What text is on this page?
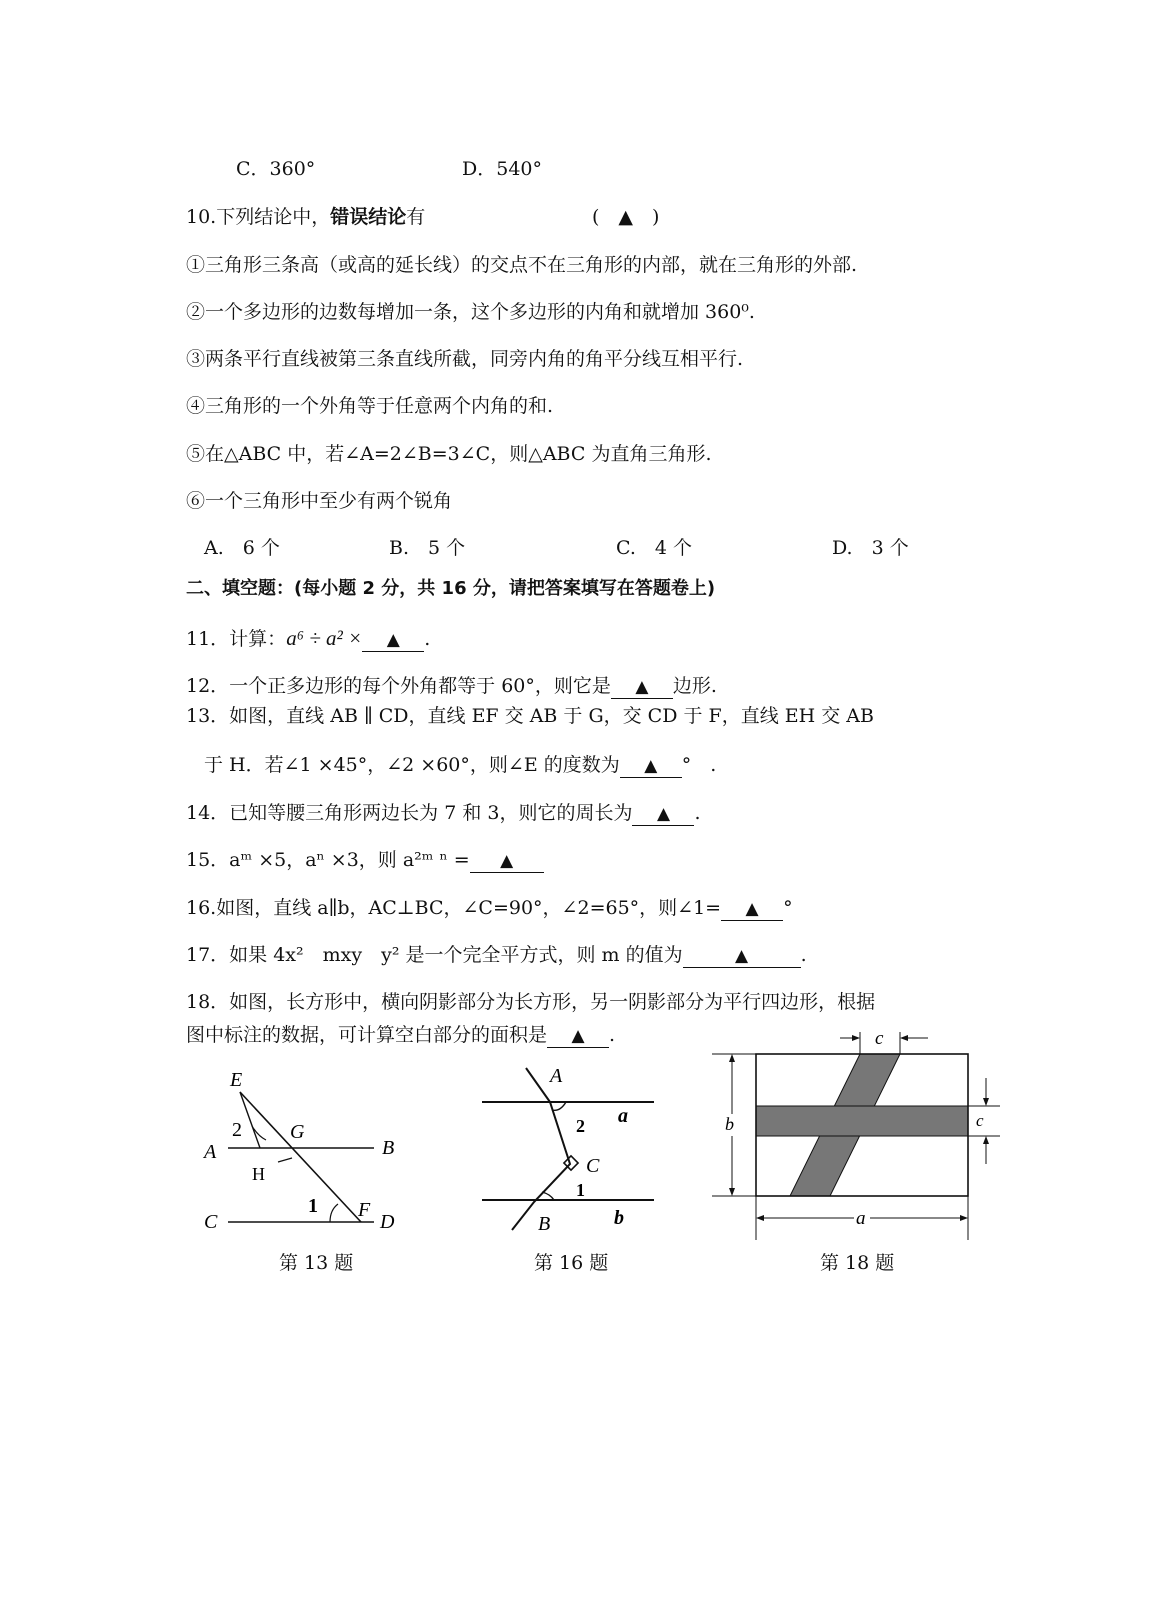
C．360°	D．540°
10.下列结论中，错误结论有	(　▲　)
①三角形三条高（或高的延长线）的交点不在三角形的内部，就在三角形的外部.
②一个多边形的边数每增加一条，这个多边形的内角和就增加 360⁰.
③两条平行直线被第三条直线所截，同旁内角的角平分线互相平行.
④三角形的一个外角等于任意两个内角的和.
⑤在△ABC 中，若∠A=2∠B=3∠C，则△ABC 为直角三角形.
⑥一个三角形中至少有两个锐角
A.　6 个	B.　5 个	C.　4 个	D.　3 个
二、填空题：(每小题 2 分，共 16 分，请把答案填写在答题卷上)
11．计算：a⁶ ÷ a² × ▲ .
12．一个正多边形的每个外角都等于 60°，则它是 ▲ 边形.
13．如图，直线 AB ∥ CD，直线 EF 交 AB 于 G，交 CD 于 F，直线 EH 交 AB
于 H．若∠1 ×45°，∠2 ×60°，则∠E 的度数为 ▲ °　.
14．已知等腰三角形两边长为 7 和 3，则它的周长为 ▲ .
15．aᵐ ×5，aⁿ ×3，则 a²ᵐ ⁿ = ▲
16.如图，直线 a∥b，AC⊥BC，∠C=90°，∠2=65°，则∠1= ▲ °
17．如果 4x²　mxy　y² 是一个完全平方式，则 m 的值为	▲	.
18．如图，长方形中，横向阴影部分为长方形，另一阴影部分为平行四边形，根据
图中标注的数据，可计算空白部分的面积是 ▲ .
E
A
2 G
B
H
1
C
F
D
第 13 题
A
a
2
C
1
B	b
第 16 题
c
c
b
a
第 18 题
